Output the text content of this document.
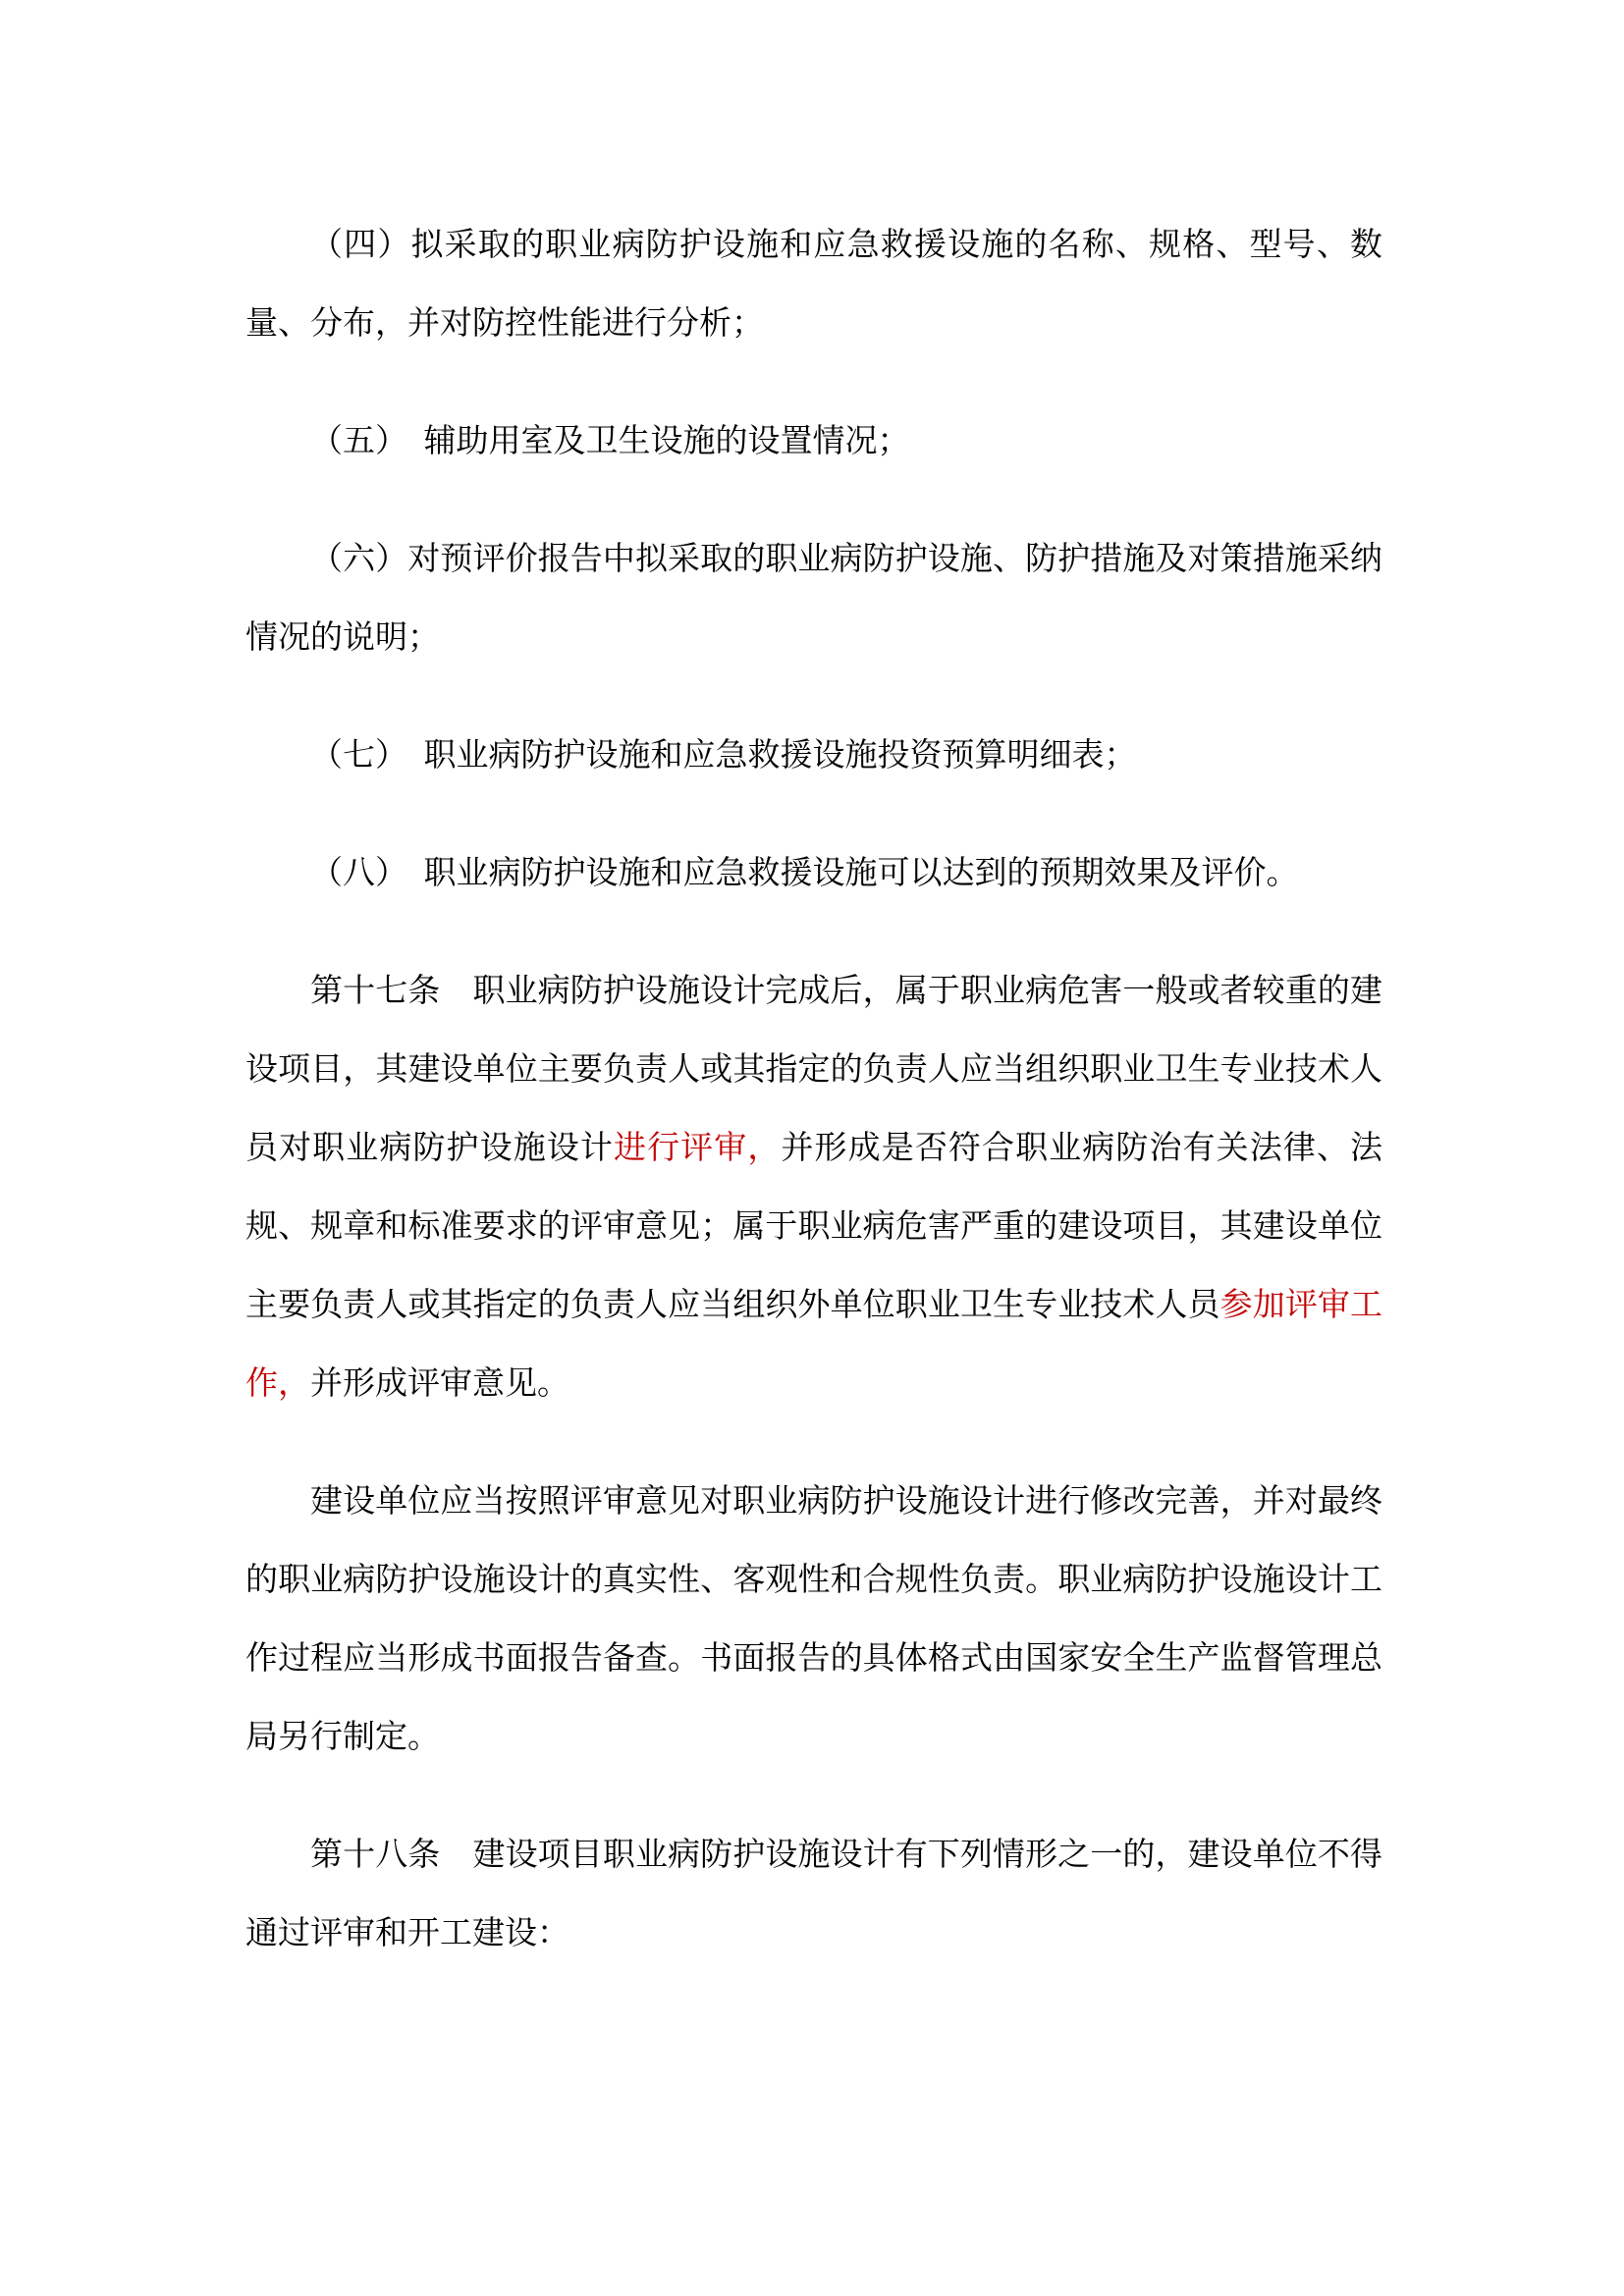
（四）拟采取的职业病防护设施和应急救援设施的名称、规格、型号、数量、分布，并对防控性能进行分析；

（五） 辅助用室及卫生设施的设置情况；

（六）对预评价报告中拟采取的职业病防护设施、防护措施及对策措施采纳情况的说明；

（七） 职业病防护设施和应急救援设施投资预算明细表；

（八） 职业病防护设施和应急救援设施可以达到的预期效果及评价。

第十七条　职业病防护设施设计完成后，属于职业病危害一般或者较重的建设项目，其建设单位主要负责人或其指定的负责人应当组织职业卫生专业技术人员对职业病防护设施设计进行评审，并形成是否符合职业病防治有关法律、法规、规章和标准要求的评审意见；属于职业病危害严重的建设项目，其建设单位主要负责人或其指定的负责人应当组织外单位职业卫生专业技术人员参加评审工作，并形成评审意见。

建设单位应当按照评审意见对职业病防护设施设计进行修改完善，并对最终的职业病防护设施设计的真实性、客观性和合规性负责。职业病防护设施设计工作过程应当形成书面报告备查。书面报告的具体格式由国家安全生产监督管理总局另行制定。

第十八条　建设项目职业病防护设施设计有下列情形之一的，建设单位不得通过评审和开工建设：
